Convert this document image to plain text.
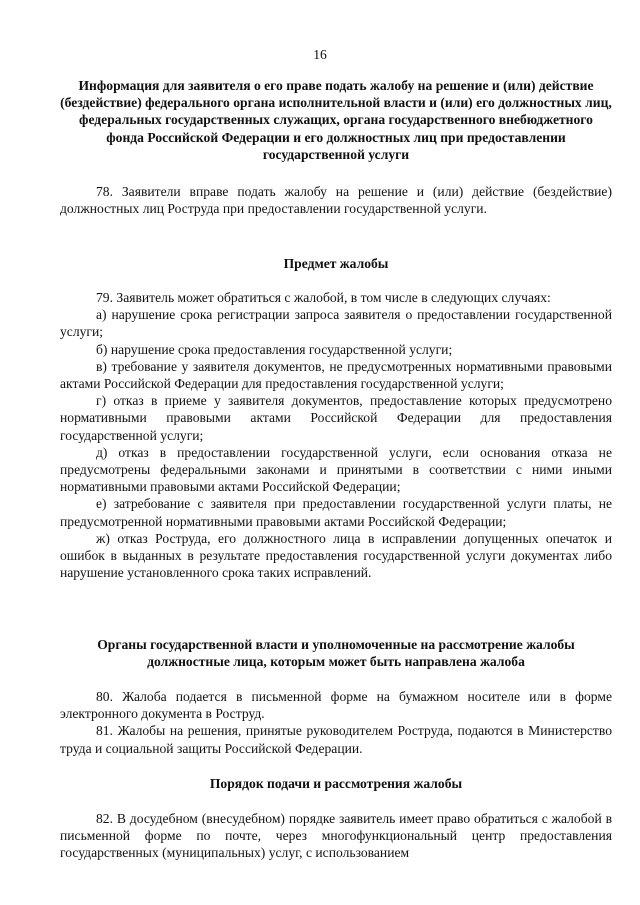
16
Информация для заявителя о его праве подать жалобу на решение и (или) действие (бездействие) федерального органа исполнительной власти и (или) его должностных лиц, федеральных государственных служащих, органа государственного внебюджетного фонда Российской Федерации и его должностных лиц при предоставлении государственной услуги

78. Заявители вправе подать жалобу на решение и (или) действие (бездействие) должностных лиц Роструда при предоставлении государственной услуги.

Предмет жалобы

79. Заявитель может обратиться с жалобой, в том числе в следующих случаях:

а) нарушение срока регистрации запроса заявителя о предоставлении государственной услуги;

б) нарушение срока предоставления государственной услуги;

в) требование у заявителя документов, не предусмотренных нормативными правовыми актами Российской Федерации для предоставления государственной услуги;

г) отказ в приеме у заявителя документов, предоставление которых предусмотрено нормативными правовыми актами Российской Федерации для предоставления государственной услуги;

д) отказ в предоставлении государственной услуги, если основания отказа не предусмотрены федеральными законами и принятыми в соответствии с ними иными нормативными правовыми актами Российской Федерации;

е) затребование с заявителя при предоставлении государственной услуги платы, не предусмотренной нормативными правовыми актами Российской Федерации;

ж) отказ Роструда, его должностного лица в исправлении допущенных опечаток и ошибок в выданных в результате предоставления государственной услуги документах либо нарушение установленного срока таких исправлений.

Органы государственной власти и уполномоченные на рассмотрение жалобы должностные лица, которым может быть направлена жалоба

80. Жалоба подается в письменной форме на бумажном носителе или в форме электронного документа в Роструд.

81. Жалобы на решения, принятые руководителем Роструда, подаются в Министерство труда и социальной защиты Российской Федерации.

Порядок подачи и рассмотрения жалобы

82. В досудебном (внесудебном) порядке заявитель имеет право обратиться с жалобой в письменной форме по почте, через многофункциональный центр предоставления государственных (муниципальных) услуг, с использованием
